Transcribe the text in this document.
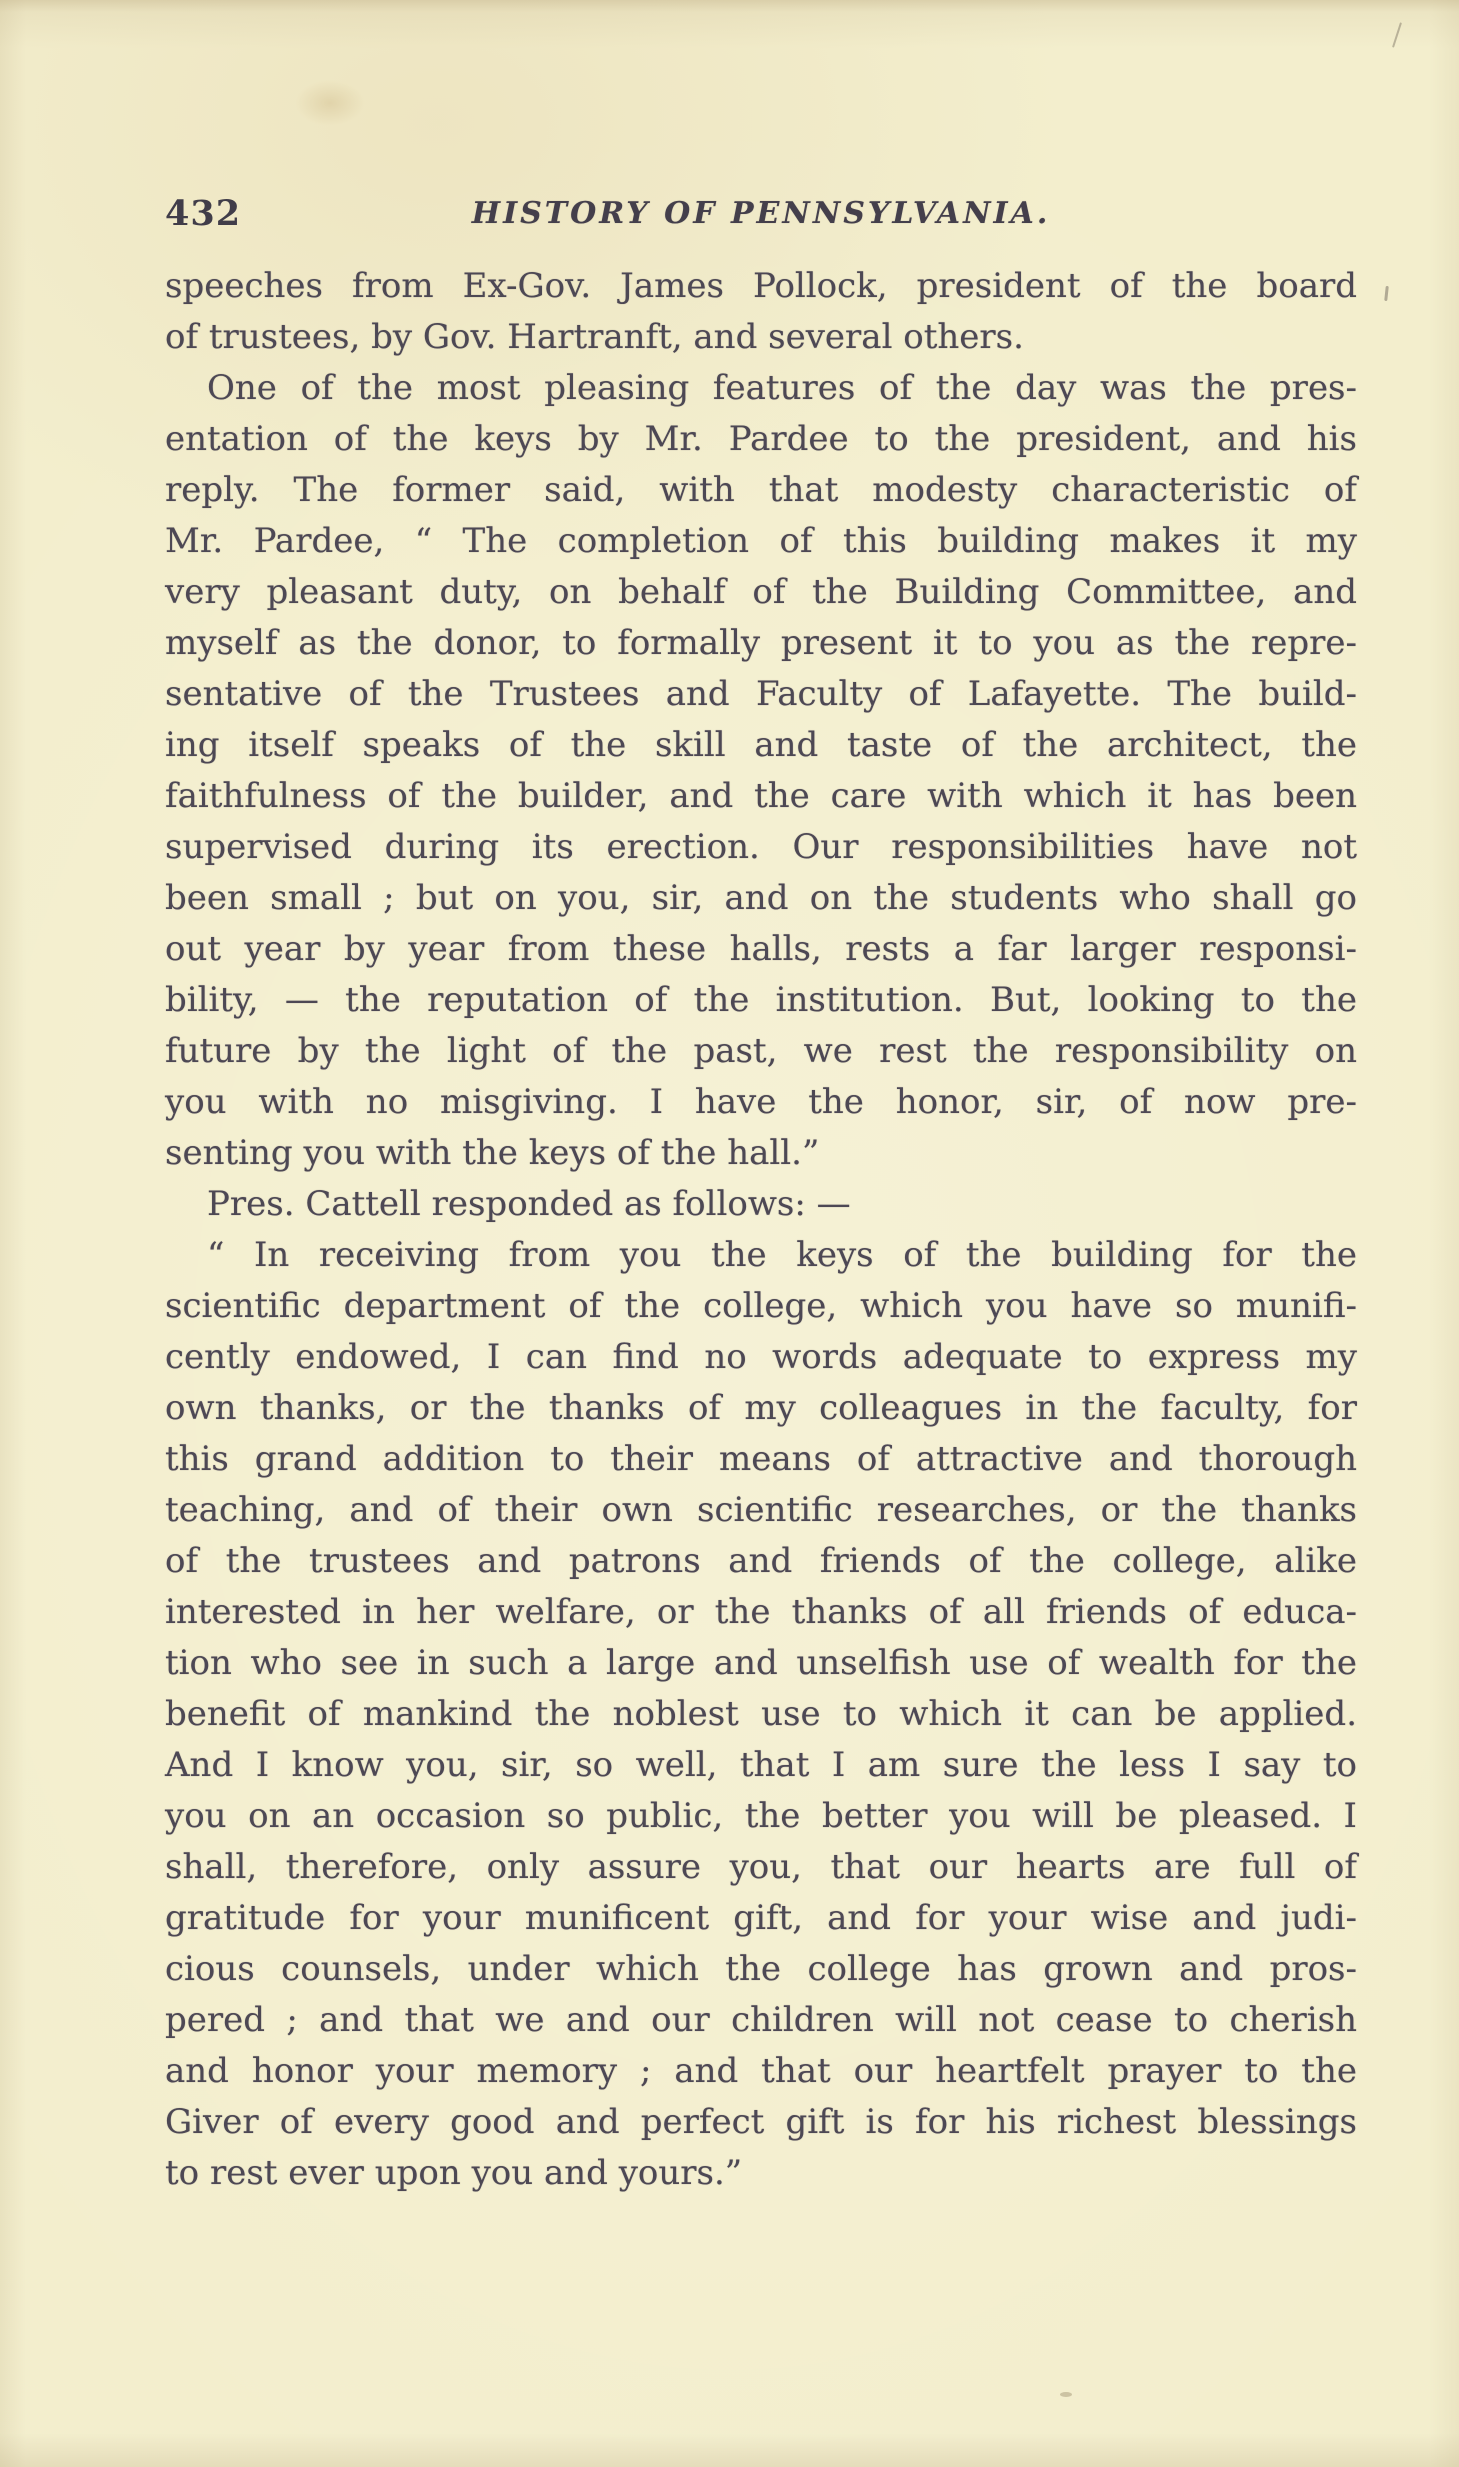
432	HISTORY OF PENNSYLVANIA.
speeches from Ex-Gov. James Pollock, president of the board
of trustees, by Gov. Hartranft, and several others.
One of the most pleasing features of the day was the pres-
entation of the keys by Mr. Pardee to the president, and his
reply. The former said, with that modesty characteristic of
Mr. Pardee, “ The completion of this building makes it my
very pleasant duty, on behalf of the Building Committee, and
myself as the donor, to formally present it to you as the repre-
sentative of the Trustees and Faculty of Lafayette. The build-
ing itself speaks of the skill and taste of the architect, the
faithfulness of the builder, and the care with which it has been
supervised during its erection. Our responsibilities have not
been small ; but on you, sir, and on the students who shall go
out year by year from these halls, rests a far larger responsi-
bility, — the reputation of the institution. But, looking to the
future by the light of the past, we rest the responsibility on
you with no misgiving. I have the honor, sir, of now pre-
senting you with the keys of the hall.”
Pres. Cattell responded as follows: —
“ In receiving from you the keys of the building for the
scientific department of the college, which you have so munifi-
cently endowed, I can find no words adequate to express my
own thanks, or the thanks of my colleagues in the faculty, for
this grand addition to their means of attractive and thorough
teaching, and of their own scientific researches, or the thanks
of the trustees and patrons and friends of the college, alike
interested in her welfare, or the thanks of all friends of educa-
tion who see in such a large and unselfish use of wealth for the
benefit of mankind the noblest use to which it can be applied.
And I know you, sir, so well, that I am sure the less I say to
you on an occasion so public, the better you will be pleased. I
shall, therefore, only assure you, that our hearts are full of
gratitude for your munificent gift, and for your wise and judi-
cious counsels, under which the college has grown and pros-
pered ; and that we and our children will not cease to cherish
and honor your memory ; and that our heartfelt prayer to the
Giver of every good and perfect gift is for his richest blessings
to rest ever upon you and yours.”
